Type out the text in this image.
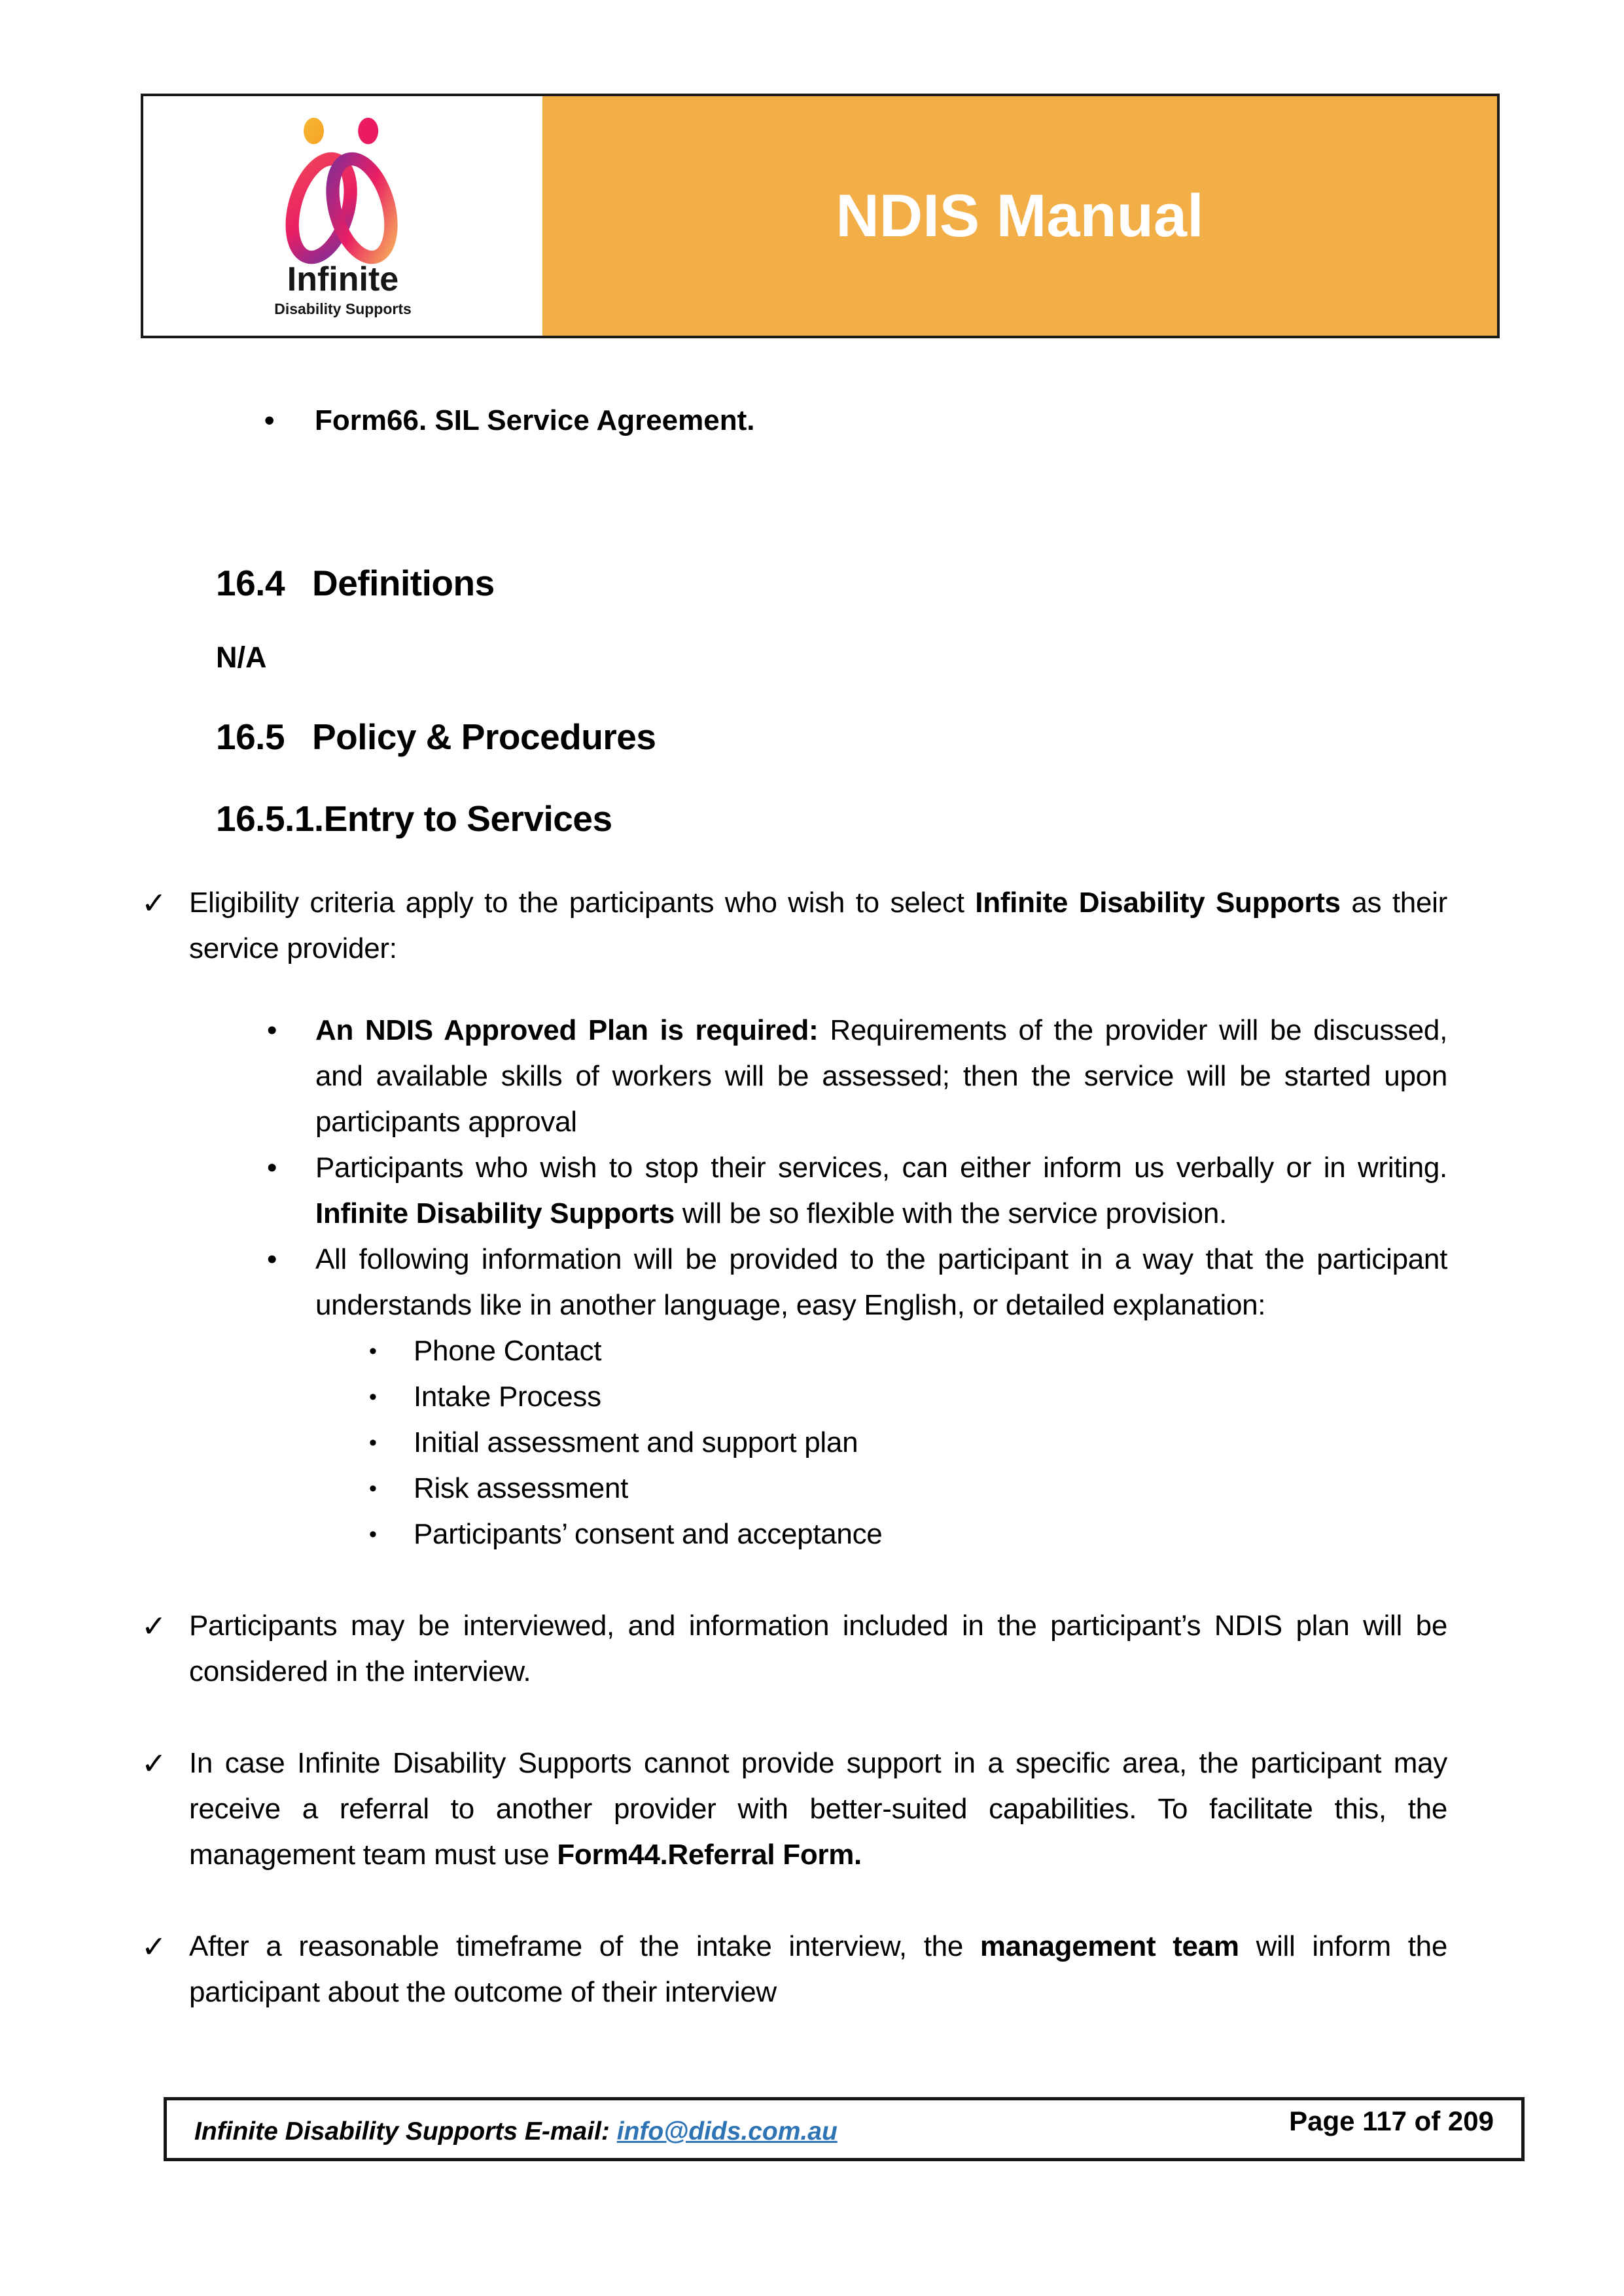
Infinite
Disability Supports
NDIS Manual
•	Form66. SIL Service Agreement.
16.4 Definitions
N/A
16.5 Policy & Procedures
16.5.1. Entry to Services
✓ Eligibility criteria apply to the participants who wish to select Infinite Disability Supports as their service provider:
• An NDIS Approved Plan is required: Requirements of the provider will be discussed, and available skills of workers will be assessed; then the service will be started upon participants approval
• Participants who wish to stop their services, can either inform us verbally or in writing. Infinite Disability Supports will be so flexible with the service provision.
• All following information will be provided to the participant in a way that the participant understands like in another language, easy English, or detailed explanation:
• Phone Contact
• Intake Process
• Initial assessment and support plan
• Risk assessment
• Participants’ consent and acceptance
✓ Participants may be interviewed, and information included in the participant’s NDIS plan will be considered in the interview.
✓ In case Infinite Disability Supports cannot provide support in a specific area, the participant may receive a referral to another provider with better-suited capabilities. To facilitate this, the management team must use Form44.Referral Form.
✓ After a reasonable timeframe of the intake interview, the management team will inform the participant about the outcome of their interview
Infinite Disability Supports E-mail: info@dids.com.au	Page 117 of 209
